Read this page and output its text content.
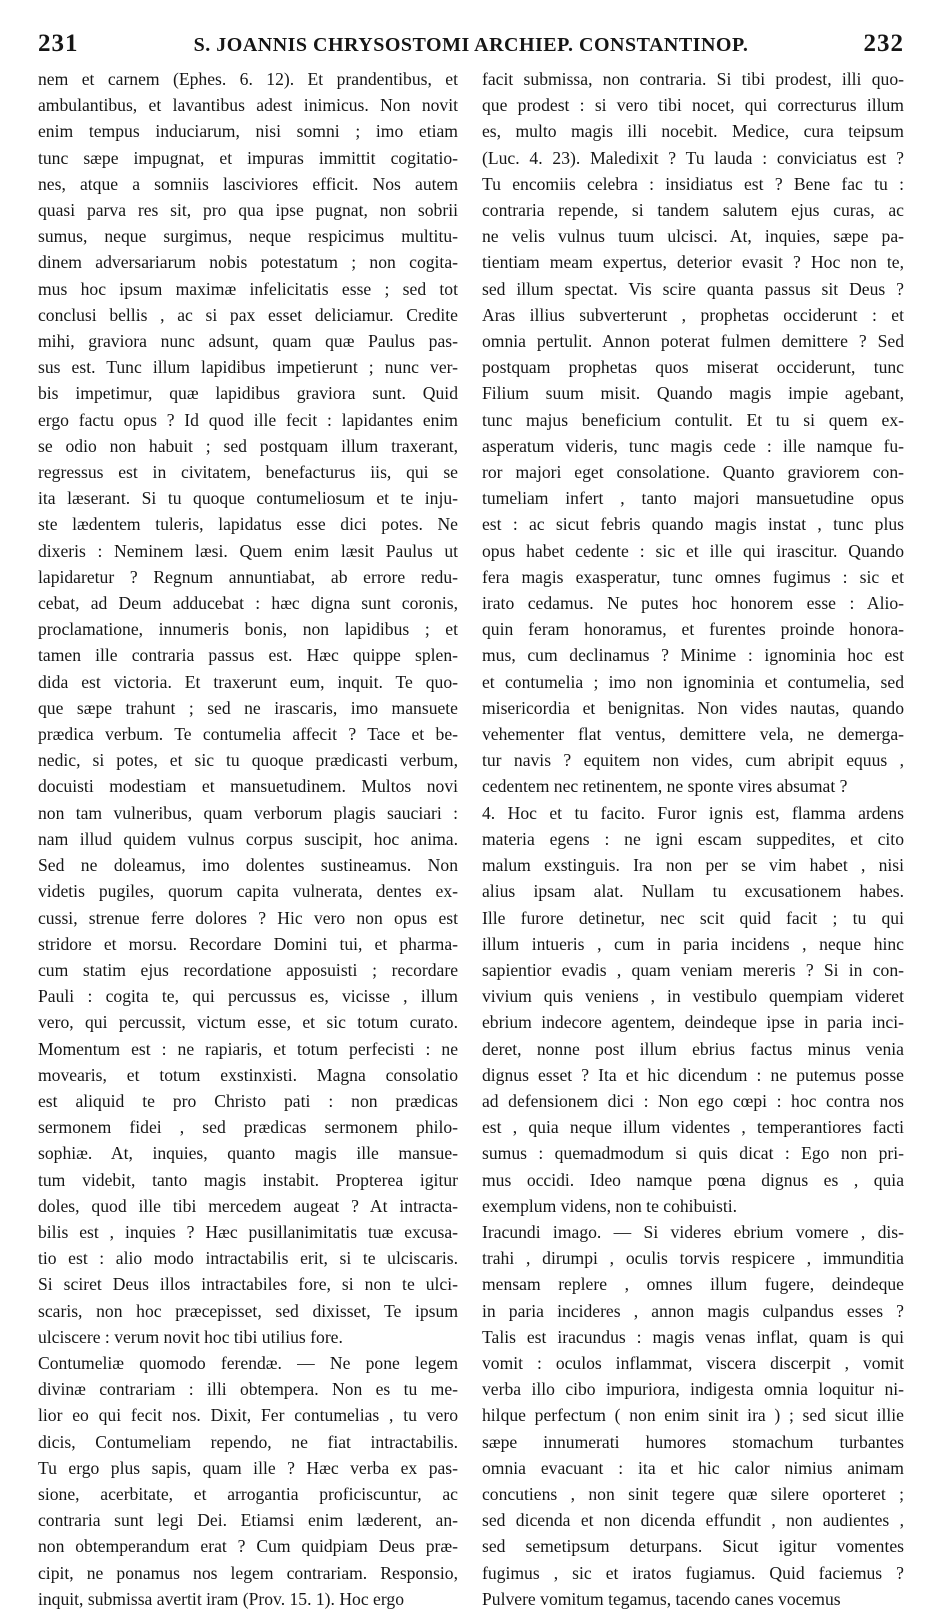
231	S. JOANNIS CHRYSOSTOMI ARCHIEP. CONSTANTINOP.	232
nem et carnem (Ephes. 6. 12). Et prandentibus, et
ambulantibus, et lavantibus adest inimicus. Non novit
enim tempus induciarum, nisi somni ; imo etiam
tunc sæpe impugnat, et impuras immittit cogitatio-
nes, atque a somniis lasciviores efficit. Nos autem
quasi parva res sit, pro qua ipse pugnat, non sobrii
sumus, neque surgimus, neque respicimus multitu-
dinem adversariarum nobis potestatum ; non cogita-
mus hoc ipsum maximæ infelicitatis esse ; sed tot
conclusi bellis , ac si pax esset deliciamur. Credite
mihi, graviora nunc adsunt, quam quæ Paulus pas-
sus est. Tunc illum lapidibus impetierunt ; nunc ver-
bis impetimur, quæ lapidibus graviora sunt. Quid
ergo factu opus ? Id quod ille fecit : lapidantes enim
se odio non habuit ; sed postquam illum traxerant,
regressus est in civitatem, benefacturus iis, qui se
ita læserant. Si tu quoque contumeliosum et te inju-
ste lædentem tuleris, lapidatus esse dici potes. Ne
dixeris : Neminem læsi. Quem enim læsit Paulus ut
lapidaretur ? Regnum annuntiabat, ab errore redu-
cebat, ad Deum adducebat : hæc digna sunt coronis,
proclamatione, innumeris bonis, non lapidibus ; et
tamen ille contraria passus est. Hæc quippe splen-
dida est victoria. Et traxerunt eum, inquit. Te quo-
que sæpe trahunt ; sed ne irascaris, imo mansuete
prædica verbum. Te contumelia affecit ? Tace et be-
nedic, si potes, et sic tu quoque prædicasti verbum,
docuisti modestiam et mansuetudinem. Multos novi
non tam vulneribus, quam verborum plagis sauciari :
nam illud quidem vulnus corpus suscipit, hoc anima.
Sed ne doleamus, imo dolentes sustineamus. Non
videtis pugiles, quorum capita vulnerata, dentes ex-
cussi, strenue ferre dolores ? Hic vero non opus est
stridore et morsu. Recordare Domini tui, et pharma-
cum statim ejus recordatione apposuisti ; recordare
Pauli : cogita te, qui percussus es, vicisse , illum
vero, qui percussit, victum esse, et sic totum curato.
Momentum est : ne rapiaris, et totum perfecisti : ne
movearis, et totum exstinxisti. Magna consolatio
est aliquid te pro Christo pati : non prædicas
sermonem fidei , sed prædicas sermonem philo-
sophiæ. At, inquies, quanto magis ille mansue-
tum videbit, tanto magis instabit. Propterea igitur
doles, quod ille tibi mercedem augeat ? At intracta-
bilis est , inquies ? Hæc pusillanimitatis tuæ excusa-
tio est : alio modo intractabilis erit, si te ulciscaris.
Si sciret Deus illos intractabiles fore, si non te ulci-
scaris, non hoc præcepisset, sed dixisset, Te ipsum
ulciscere : verum novit hoc tibi utilius fore.
Contumeliæ quomodo ferendæ. — Ne pone legem
divinæ contrariam : illi obtempera. Non es tu me-
lior eo qui fecit nos. Dixit, Fer contumelias , tu vero
dicis, Contumeliam rependo, ne fiat intractabilis.
Tu ergo plus sapis, quam ille ? Hæc verba ex pas-
sione, acerbitate, et arrogantia proficiscuntur, ac
contraria sunt legi Dei. Etiamsi enim læderent, an-
non obtemperandum erat ? Cum quidpiam Deus præ-
cipit, ne ponamus nos legem contrariam. Responsio,
inquit, submissa avertit iram (Prov. 15. 1). Hoc ergo
facit submissa, non contraria. Si tibi prodest, illi quo-
que prodest : si vero tibi nocet, qui correcturus illum
es, multo magis illi nocebit. Medice, cura teipsum
(Luc. 4. 23). Maledixit ? Tu lauda : conviciatus est ?
Tu encomiis celebra : insidiatus est ? Bene fac tu :
contraria repende, si tandem salutem ejus curas, ac
ne velis vulnus tuum ulcisci. At, inquies, sæpe pa-
tientiam meam expertus, deterior evasit ? Hoc non te,
sed illum spectat. Vis scire quanta passus sit Deus ?
Aras illius subverterunt , prophetas occiderunt : et
omnia pertulit. Annon poterat fulmen demittere ? Sed
postquam prophetas quos miserat occiderunt, tunc
Filium suum misit. Quando magis impie agebant,
tunc majus beneficium contulit. Et tu si quem ex-
asperatum videris, tunc magis cede : ille namque fu-
ror majori eget consolatione. Quanto graviorem con-
tumeliam infert , tanto majori mansuetudine opus
est : ac sicut febris quando magis instat , tunc plus
opus habet cedente : sic et ille qui irascitur. Quando
fera magis exasperatur, tunc omnes fugimus : sic et
irato cedamus. Ne putes hoc honorem esse : Alio-
quin feram honoramus, et furentes proinde honora-
mus, cum declinamus ? Minime : ignominia hoc est
et contumelia ; imo non ignominia et contumelia, sed
misericordia et benignitas. Non vides nautas, quando
vehementer flat ventus, demittere vela, ne demerga-
tur navis ? equitem non vides, cum abripit equus ,
cedentem nec retinentem, ne sponte vires absumat ?
4. Hoc et tu facito. Furor ignis est, flamma ardens
materia egens : ne igni escam suppedites, et cito
malum exstinguis. Ira non per se vim habet , nisi
alius ipsam alat. Nullam tu excusationem habes.
Ille furore detinetur, nec scit quid facit ; tu qui
illum intueris , cum in paria incidens , neque hinc
sapientior evadis , quam veniam mereris ? Si in con-
vivium quis veniens , in vestibulo quempiam videret
ebrium indecore agentem, deindeque ipse in paria inci-
deret, nonne post illum ebrius factus minus venia
dignus esset ? Ita et hic dicendum : ne putemus posse
ad defensionem dici : Non ego cœpi : hoc contra nos
est , quia neque illum videntes , temperantiores facti
sumus : quemadmodum si quis dicat : Ego non pri-
mus occidi. Ideo namque pœna dignus es , quia
exemplum videns, non te cohibuisti.
Iracundi imago. — Si videres ebrium vomere , dis-
trahi , dirumpi , oculis torvis respicere , immunditia
mensam replere , omnes illum fugere, deindeque
in paria incideres , annon magis culpandus esses ?
Talis est iracundus : magis venas inflat, quam is qui
vomit : oculos inflammat, viscera discerpit , vomit
verba illo cibo impuriora, indigesta omnia loquitur ni-
hilque perfectum ( non enim sinit ira ) ; sed sicut illie
sæpe innumerati humores stomachum turbantes
omnia evacuant : ita et hic calor nimius animam
concutiens , non sinit tegere quæ silere oporteret ;
sed dicenda et non dicenda effundit , non audientes ,
sed semetipsum deturpans. Sicut igitur vomentes
fugimus , sic et iratos fugiamus. Quid faciemus ?
Pulvere vomitum tegamus, tacendo canes vocemus
